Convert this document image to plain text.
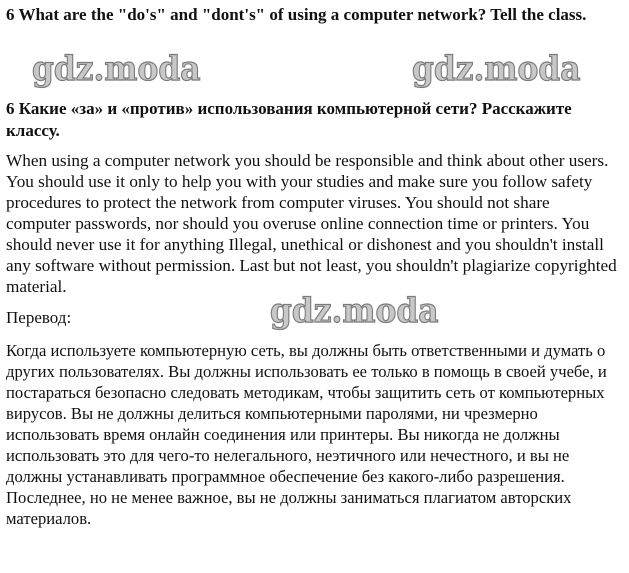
6 What are the "do's" and "dont's" of using a computer network? Tell the class.
6 Какие «за» и «против» использования компьютерной сети? Расскажите классу.
When using a computer network you should be responsible and think about other users. You should use it only to help you with your studies and make sure you follow safety procedures to protect the network from computer viruses. You should not share computer passwords, nor should you overuse online connection time or printers. You should never use it for anything Illegal, unethical or dishonest and you shouldn't install any software without permission. Last but not least, you shouldn't plagiarize copyrighted material.
Перевод:
Когда используете компьютерную сеть, вы должны быть ответственными и думать о других пользователях. Вы должны использовать ее только в помощь в своей учебе, и постараться безопасно следовать методикам, чтобы защитить сеть от компьютерных вирусов. Вы не должны делиться компьютерными паролями, ни чрезмерно использовать время онлайн соединения или принтеры. Вы никогда не должны использовать это для чего-то нелегального, неэтичного или нечестного, и вы не должны устанавливать программное обеспечение без какого-либо разрешения. Последнее, но не менее важное, вы не должны заниматься плагиатом авторских материалов.
gdz.moda	gdz.moda
gdz.moda
